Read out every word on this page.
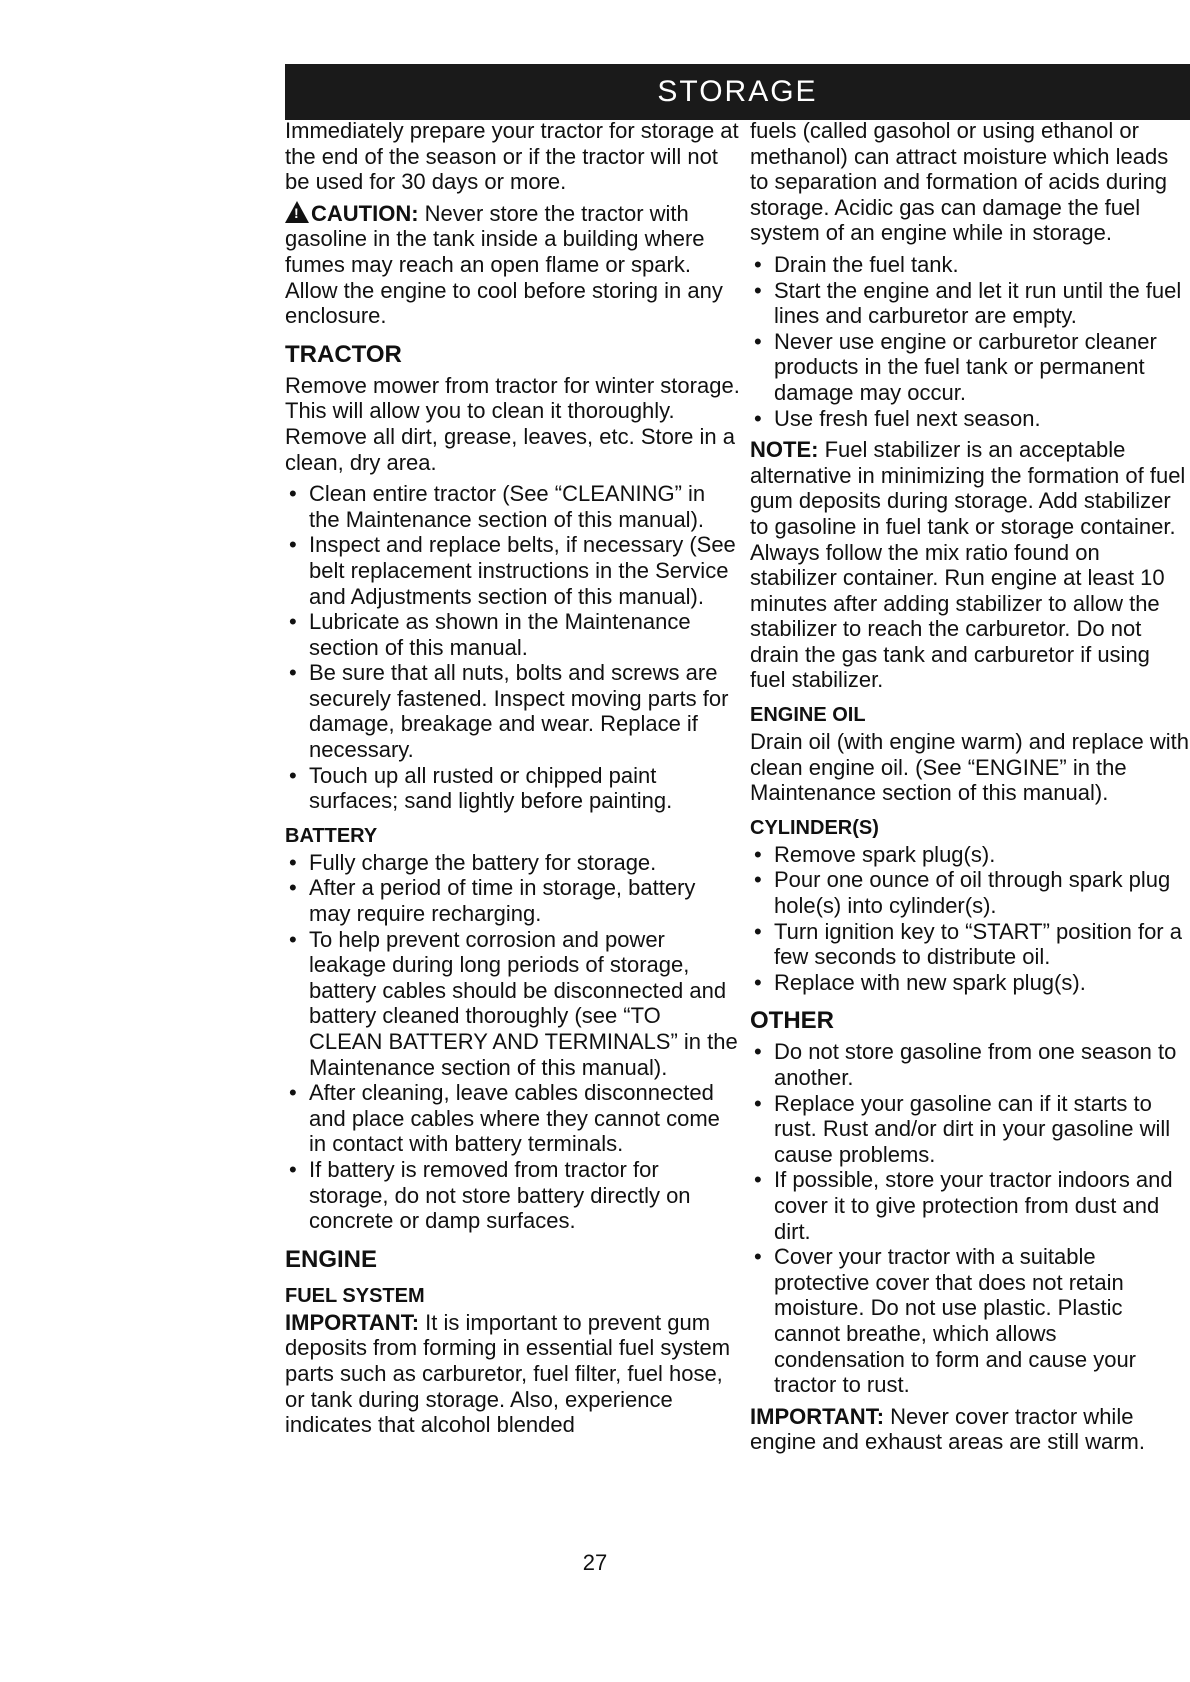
STORAGE

Immediately prepare your tractor for storage at the end of the season or if the tractor will not be used for 30 days or more.

!CAUTION: Never store the tractor with gasoline in the tank inside a building where fumes may reach an open flame or spark. Allow the engine to cool before storing in any enclosure.

TRACTOR

Remove mower from tractor for winter storage. This will allow you to clean it thoroughly. Remove all dirt, grease, leaves, etc. Store in a clean, dry area.

• Clean entire tractor (See “CLEANING” in the Maintenance section of this manual).
• Inspect and replace belts, if necessary (See belt replacement instructions in the Service and Adjustments section of this manual).
• Lubricate as shown in the Maintenance section of this manual.
• Be sure that all nuts, bolts and screws are securely fastened. Inspect moving parts for damage, breakage and wear. Replace if necessary.
• Touch up all rusted or chipped paint surfaces; sand lightly before painting.
BATTERY
• Fully charge the battery for storage.
• After a period of time in storage, battery may require recharging.
• To help prevent corrosion and power leakage during long periods of storage, battery cables should be disconnected and battery cleaned thoroughly (see “TO CLEAN BATTERY AND TERMINALS” in the Maintenance section of this manual).
• After cleaning, leave cables disconnected and place cables where they cannot come in contact with battery terminals.
• If battery is removed from tractor for storage, do not store battery directly on concrete or damp surfaces.
ENGINE
FUEL SYSTEM

IMPORTANT: It is important to prevent gum deposits from forming in essential fuel system parts such as carburetor, fuel filter, fuel hose, or tank during storage. Also, experience indicates that alcohol blended

fuels (called gasohol or using ethanol or methanol) can attract moisture which leads to separation and formation of acids during storage. Acidic gas can damage the fuel system of an engine while in storage.

• Drain the fuel tank.
• Start the engine and let it run until the fuel lines and carburetor are empty.
• Never use engine or carburetor cleaner products in the fuel tank or permanent damage may occur.
• Use fresh fuel next season.

NOTE: Fuel stabilizer is an acceptable alternative in minimizing the formation of fuel gum deposits during storage. Add stabilizer to gasoline in fuel tank or storage container. Always follow the mix ratio found on stabilizer container. Run engine at least 10 minutes after adding stabilizer to allow the stabilizer to reach the carburetor. Do not drain the gas tank and carburetor if using fuel stabilizer.

ENGINE OIL

Drain oil (with engine warm) and replace with clean engine oil. (See “ENGINE” in the Maintenance section of this manual).

CYLINDER(S)
• Remove spark plug(s).
• Pour one ounce of oil through spark plug hole(s) into cylinder(s).
• Turn ignition key to “START” position for a few seconds to distribute oil.
• Replace with new spark plug(s).
OTHER
• Do not store gasoline from one season to another.
• Replace your gasoline can if it starts to rust. Rust and/or dirt in your gasoline will cause problems.
• If possible, store your tractor indoors and cover it to give protection from dust and dirt.
• Cover your tractor with a suitable protective cover that does not retain moisture. Do not use plastic. Plastic cannot breathe, which allows condensation to form and cause your tractor to rust.

IMPORTANT: Never cover tractor while engine and exhaust areas are still warm.

27
